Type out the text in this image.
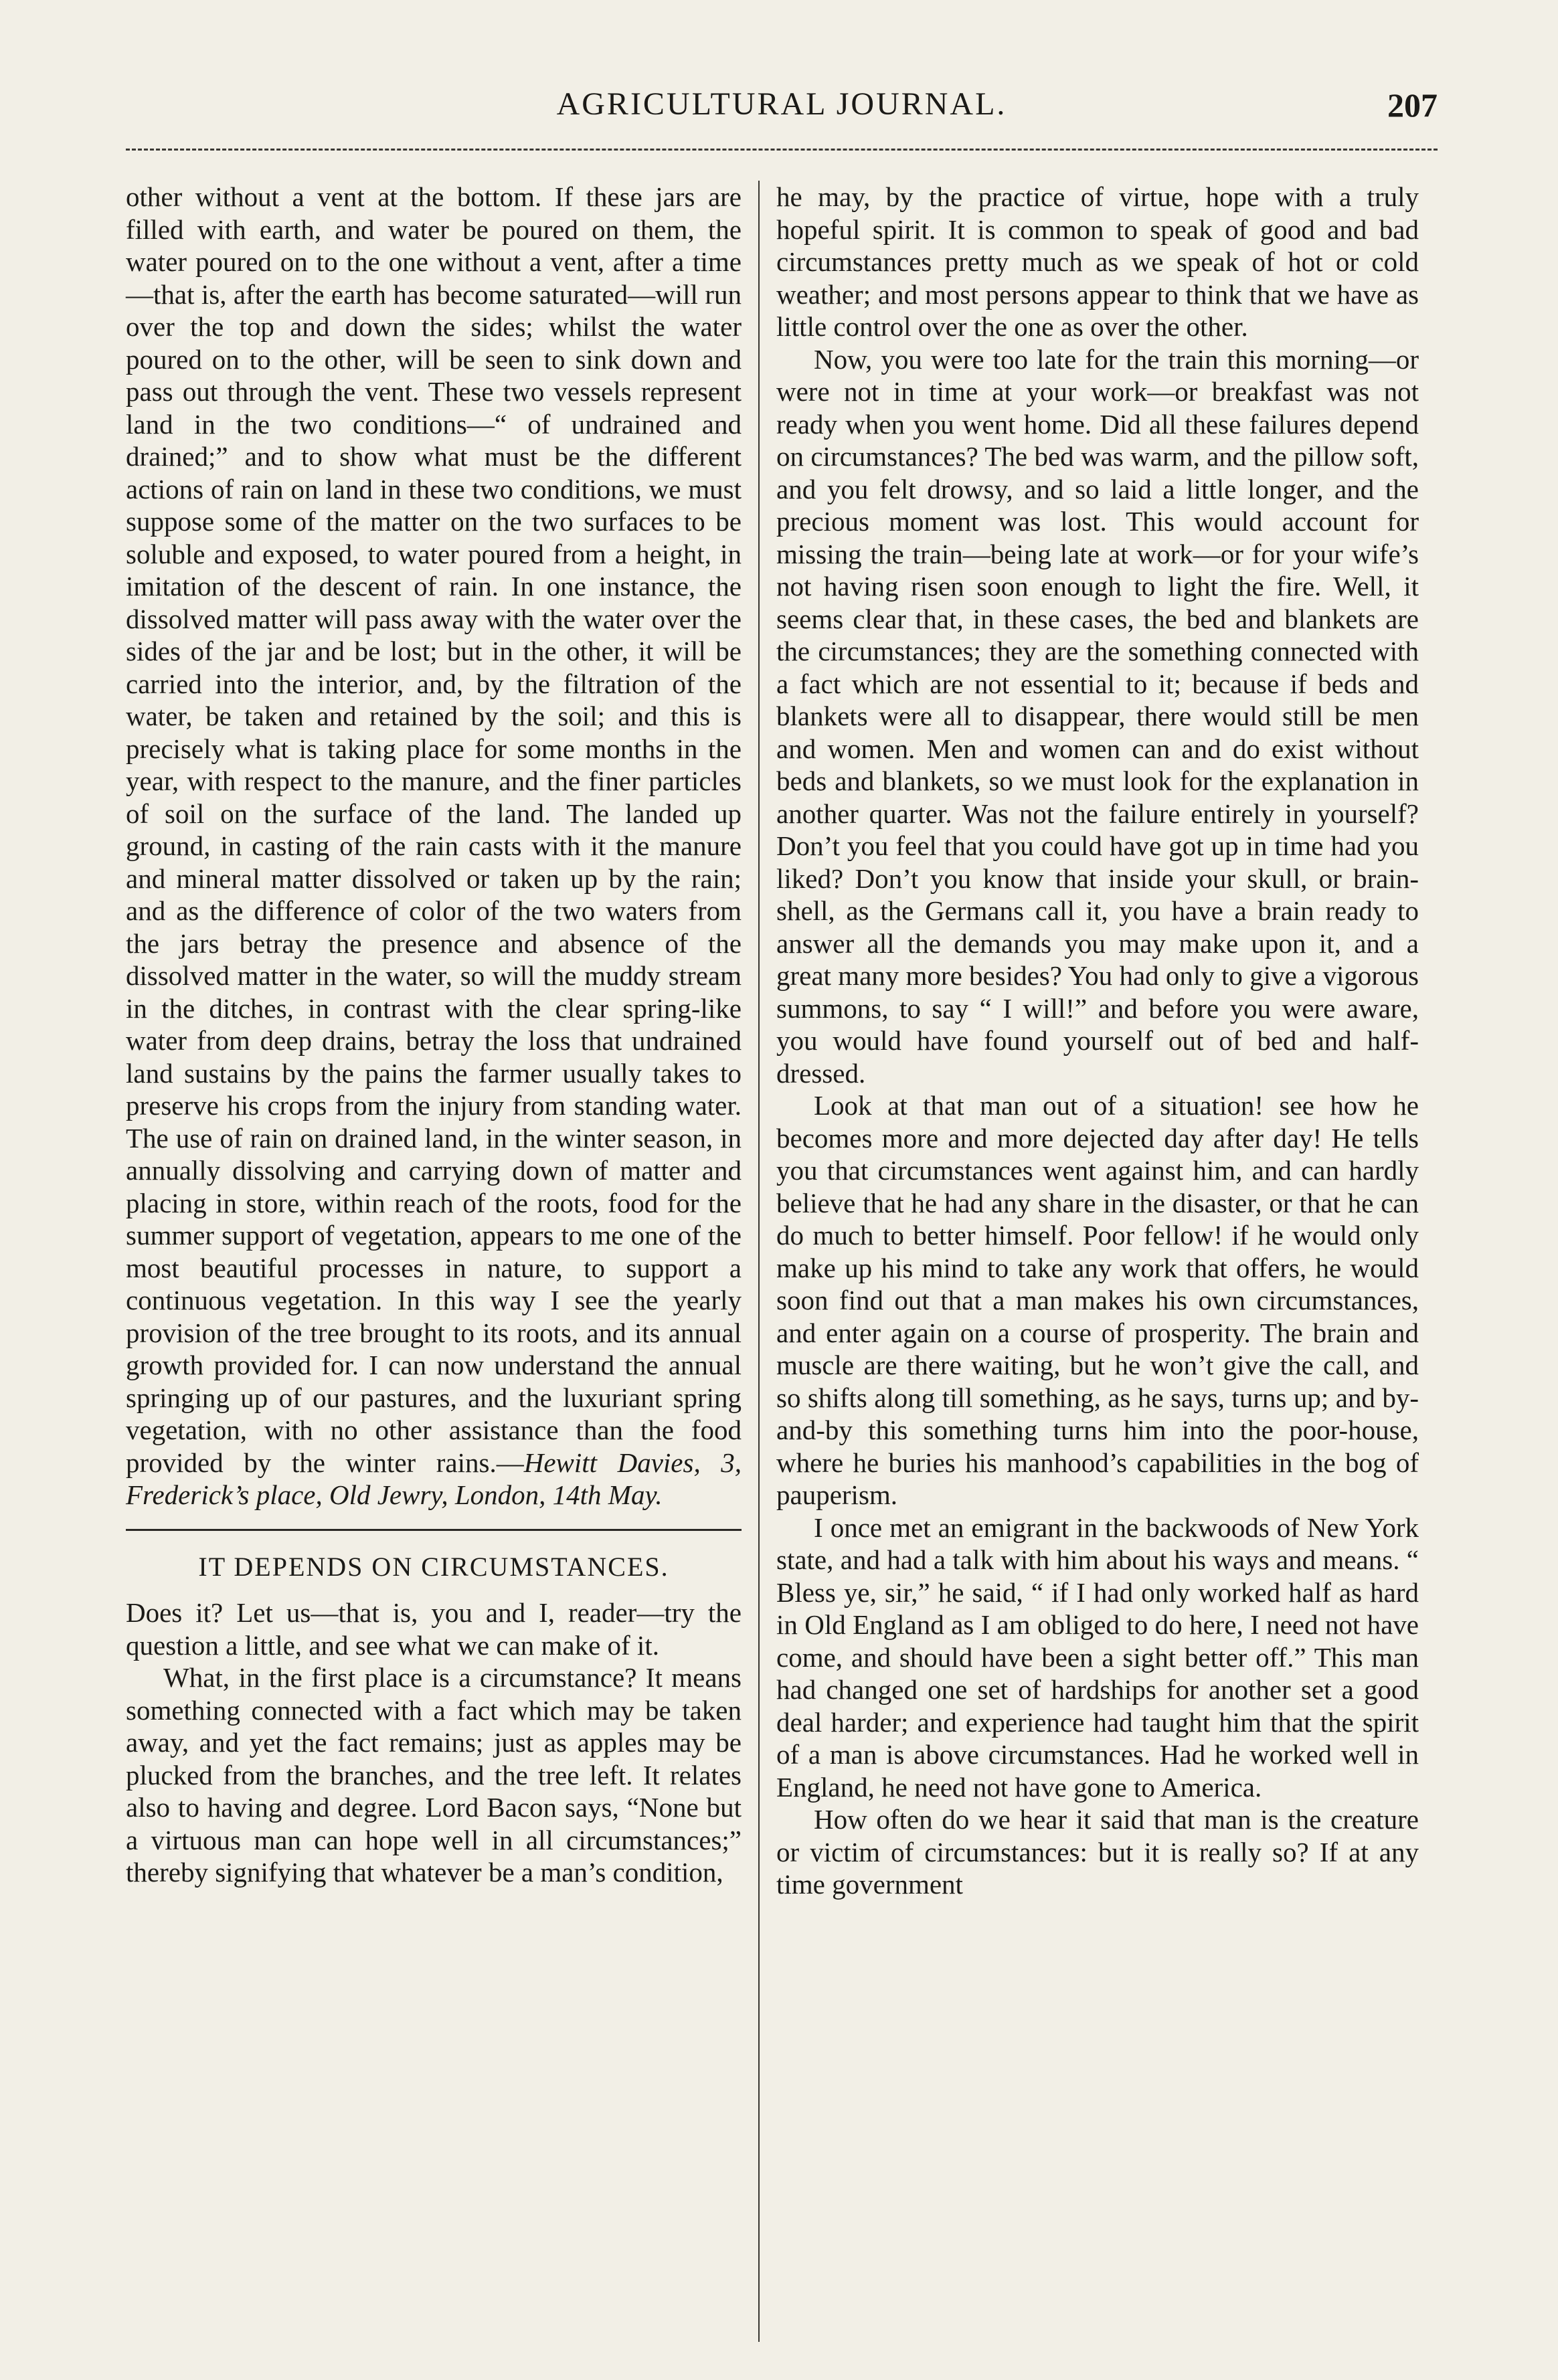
AGRICULTURAL JOURNAL.	207

other without a vent at the bottom. If these jars are filled with earth, and water be poured on them, the water poured on to the one without a vent, after a time—that is, after the earth has become saturated—will run over the top and down the sides; whilst the water poured on to the other, will be seen to sink down and pass out through the vent. These two vessels represent land in the two conditions—“ of undrained and drained;” and to show what must be the different actions of rain on land in these two conditions, we must suppose some of the matter on the two surfaces to be soluble and exposed, to water poured from a height, in imitation of the descent of rain. In one instance, the dissolved matter will pass away with the water over the sides of the jar and be lost; but in the other, it will be carried into the interior, and, by the filtration of the water, be taken and retained by the soil; and this is precisely what is taking place for some months in the year, with respect to the manure, and the finer particles of soil on the surface of the land. The landed up ground, in casting of the rain casts with it the manure and mineral matter dissolved or taken up by the rain; and as the difference of color of the two waters from the jars betray the presence and absence of the dissolved matter in the water, so will the muddy stream in the ditches, in contrast with the clear spring-like water from deep drains, betray the loss that undrained land sustains by the pains the farmer usually takes to preserve his crops from the injury from standing water. The use of rain on drained land, in the winter season, in annually dissolving and carrying down of matter and placing in store, within reach of the roots, food for the summer support of vegetation, appears to me one of the most beautiful processes in nature, to support a continuous vegetation. In this way I see the yearly provision of the tree brought to its roots, and its annual growth provided for. I can now understand the annual springing up of our pastures, and the luxuriant spring vegetation, with no other assistance than the food provided by the winter rains.—Hewitt Davies, 3, Frederick’s place, Old Jewry, London, 14th May.

IT DEPENDS ON CIRCUMSTANCES.

Does it? Let us—that is, you and I, reader—try the question a little, and see what we can make of it.

What, in the first place is a circumstance? It means something connected with a fact which may be taken away, and yet the fact remains; just as apples may be plucked from the branches, and the tree left. It relates also to having and degree. Lord Bacon says, “None but a virtuous man can hope well in all circumstances;” thereby signifying that whatever be a man’s condition,

he may, by the practice of virtue, hope with a truly hopeful spirit. It is common to speak of good and bad circumstances pretty much as we speak of hot or cold weather; and most persons appear to think that we have as little control over the one as over the other.

Now, you were too late for the train this morning—or were not in time at your work—or breakfast was not ready when you went home. Did all these failures depend on circumstances? The bed was warm, and the pillow soft, and you felt drowsy, and so laid a little longer, and the precious moment was lost. This would account for missing the train—being late at work—or for your wife’s not having risen soon enough to light the fire. Well, it seems clear that, in these cases, the bed and blankets are the circumstances; they are the something connected with a fact which are not essential to it; because if beds and blankets were all to disappear, there would still be men and women. Men and women can and do exist without beds and blankets, so we must look for the explanation in another quarter. Was not the failure entirely in yourself? Don’t you feel that you could have got up in time had you liked? Don’t you know that inside your skull, or brain-shell, as the Germans call it, you have a brain ready to answer all the demands you may make upon it, and a great many more besides? You had only to give a vigorous summons, to say “ I will!” and before you were aware, you would have found yourself out of bed and half-dressed.

Look at that man out of a situation! see how he becomes more and more dejected day after day! He tells you that circumstances went against him, and can hardly believe that he had any share in the disaster, or that he can do much to better himself. Poor fellow! if he would only make up his mind to take any work that offers, he would soon find out that a man makes his own circumstances, and enter again on a course of prosperity. The brain and muscle are there waiting, but he won’t give the call, and so shifts along till something, as he says, turns up; and by-and-by this something turns him into the poor-house, where he buries his manhood’s capabilities in the bog of pauperism.

I once met an emigrant in the backwoods of New York state, and had a talk with him about his ways and means. “ Bless ye, sir,” he said, “ if I had only worked half as hard in Old England as I am obliged to do here, I need not have come, and should have been a sight better off.” This man had changed one set of hardships for another set a good deal harder; and experience had taught him that the spirit of a man is above circumstances. Had he worked well in England, he need not have gone to America.

How often do we hear it said that man is the creature or victim of circumstances: but it is really so? If at any time government
